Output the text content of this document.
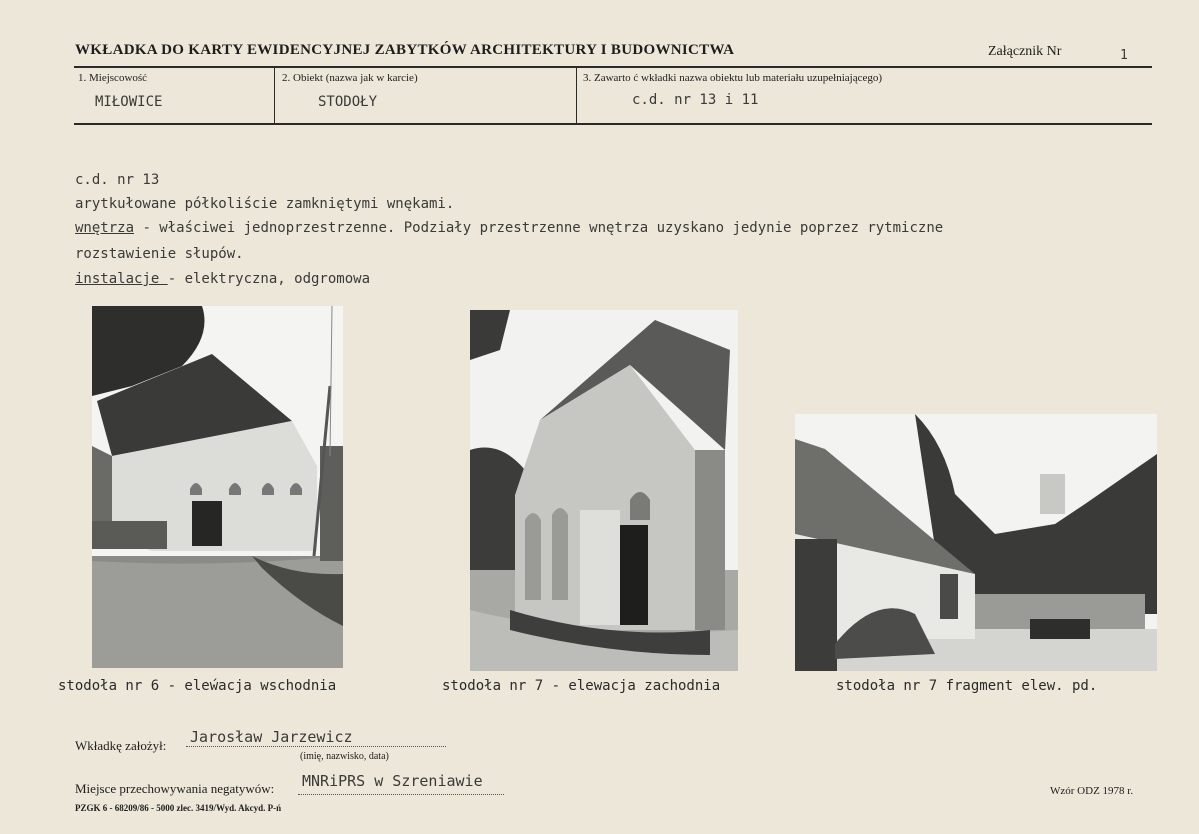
WKŁADKA DO KARTY EWIDENCYJNEJ ZABYTKÓW ARCHITEKTURY I BUDOWNICTWA	Załącznik Nr	1
1. Miejscowość
MIŁOWICE
2. Obiekt (nazwa jak w karcie)
STODOŁY
3. Zawarto ć wkładki nazwa obiektu lub materiału uzupełniającego)
c.d. nr 13 i 11
c.d. nr 13
arytkułowane półkoliście zamkniętymi wnękami.
wnętrza - właściwei jednoprzestrzenne. Podziały przestrzenne wnętrza uzyskano jedynie poprzez rytmiczne
rozstawienie słupów.
instalacje - elektryczna, odgromowa
stodoła nr 6 - eleẃacja wschodnia	stodoła nr 7 - elewacja zachodnia	stodoła nr 7 fragment elew. pd.
Wkładkę założył: Jarosław Jarzewicz
(imię, nazwisko, data)
Miejsce przechowywania negatywów: MNRiPRS w Szreniawie
PZGK 6 - 68209/86 - 5000 zlec. 3419/Wyd. Akcyd. P-ń
Wzór ODZ 1978 r.
